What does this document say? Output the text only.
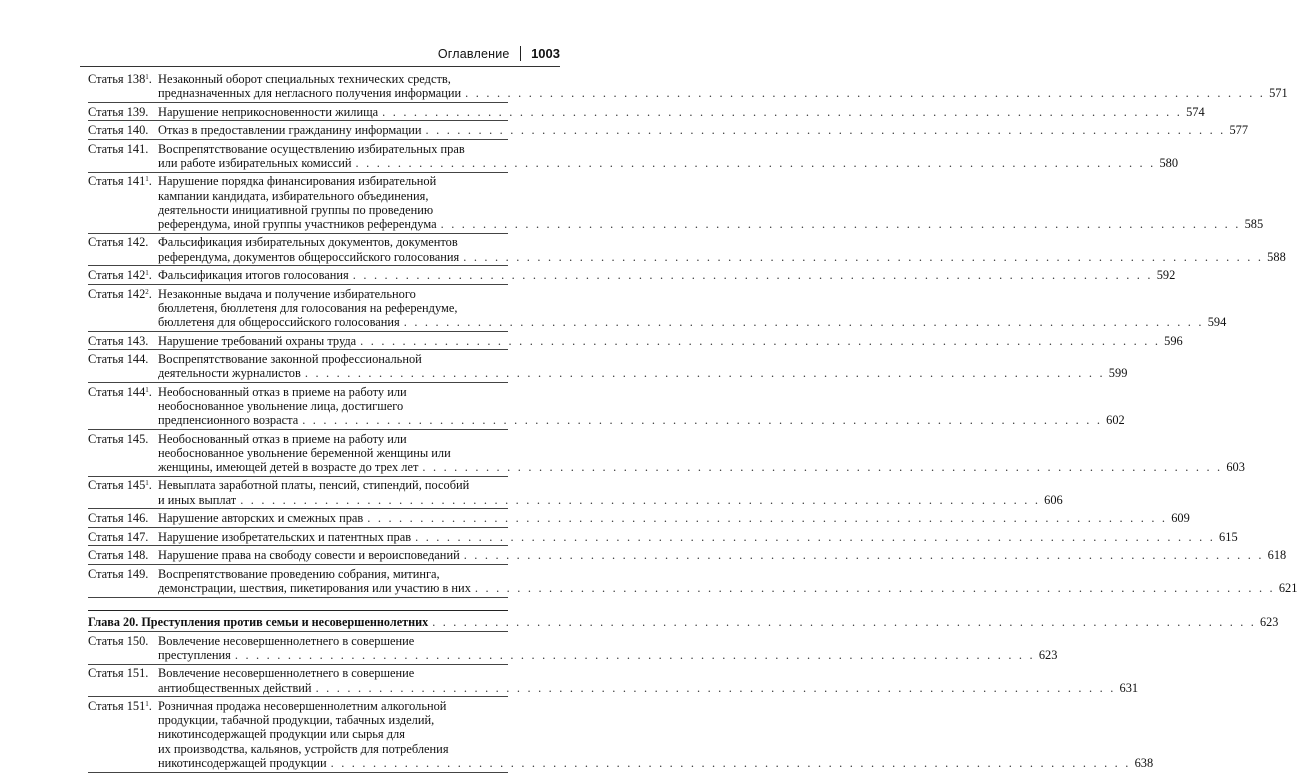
Оглавление 1003
Статья $138^1$. Незаконный оборот специальных технических средств,
предназначенных для негласного получения информации . . .	571
Статья 139. Нарушение неприкосновенности жилища . . .	574
Статья 140. Отказ в предоставлении гражданину информации . . .	577
Статья 141. Воспрепятствование осуществлению избирательных прав
или работе избирательных комиссий . . .	580
Статья $141^1$. Нарушение порядка финансирования избирательной
кампании кандидата, избирательного объединения,
деятельности инициативной группы по проведению
референдума, иной группы участников референдума . . .	585
Статья 142. Фальсификация избирательных документов, документов
референдума, документов общероссийского голосования . . .	588
Статья $142^1$. Фальсификация итогов голосования . . .	592
Статья $142^2$. Незаконные выдача и получение избирательного
бюллетеня, бюллетеня для голосования на референдуме,
бюллетеня для общероссийского голосования . . .	594
Статья 143. Нарушение требований охраны труда . . .	596
Статья 144. Воспрепятствование законной профессиональной
деятельности журналистов . . .	599
Статья $144^1$. Необоснованный отказ в приеме на работу или
необоснованное увольнение лица, достигшего
предпенсионного возраста . . .	602
Статья 145. Необоснованный отказ в приеме на работу или
необоснованное увольнение беременной женщины или
женщины, имеющей детей в возрасте до трех лет . . .	603
Статья $145^1$. Невыплата заработной платы, пенсий, стипендий, пособий
и иных выплат . . .	606
Статья 146. Нарушение авторских и смежных прав . . .	609
Статья 147. Нарушение изобретательских и патентных прав . . .	615
Статья 148. Нарушение права на свободу совести и вероисповеданий . . .	618
Статья 149. Воспрепятствование проведению собрания, митинга,
демонстрации, шествия, пикетирования или участию в них . . .	621
Глава 20. Преступления против семьи и несовершеннолетних . . .	623
Статья 150. Вовлечение несовершеннолетнего в совершение
преступления . . .	623
Статья 151. Вовлечение несовершеннолетнего в совершение
антиобщественных действий . . .	631
Статья $151^1$. Розничная продажа несовершеннолетним алкогольной
продукции, табачной продукции, табачных изделий,
никотинсодержащей продукции или сырья для
их производства, кальянов, устройств для потребления
никотинсодержащей продукции . . .	638
